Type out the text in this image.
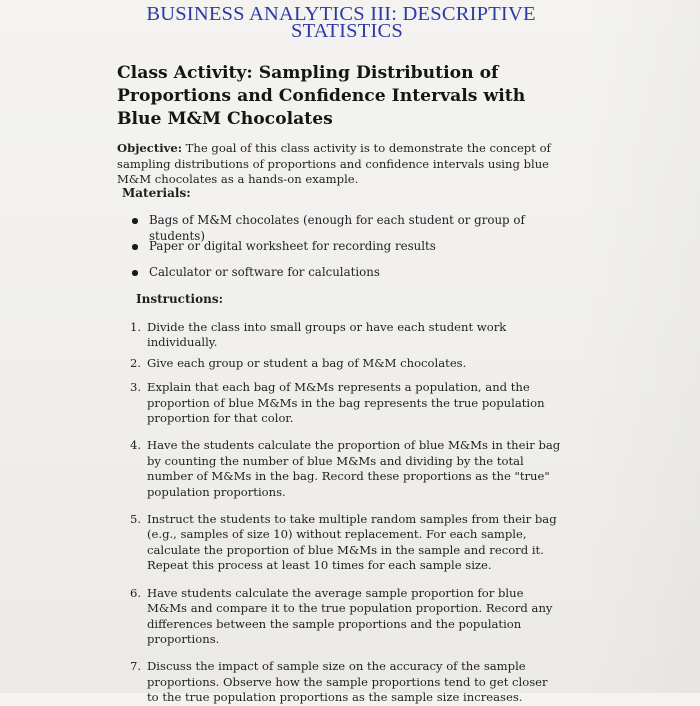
BUSINESS ANALYTICS III: DESCRIPTIVE
STATISTICS
Class Activity: Sampling Distribution of Proportions and Confidence Intervals with Blue M&M Chocolates
Objective: The goal of this class activity is to demonstrate the concept of sampling distributions of proportions and confidence intervals using blue M&M chocolates as a hands-on example.
Materials:
Bags of M&M chocolates (enough for each student or group of students)
Paper or digital worksheet for recording results
Calculator or software for calculations
Instructions:
1. Divide the class into small groups or have each student work individually.
2. Give each group or student a bag of M&M chocolates.
3. Explain that each bag of M&Ms represents a population, and the proportion of blue M&Ms in the bag represents the true population proportion for that color.
4. Have the students calculate the proportion of blue M&Ms in their bag by counting the number of blue M&Ms and dividing by the total number of M&Ms in the bag. Record these proportions as the "true" population proportions.
5. Instruct the students to take multiple random samples from their bag (e.g., samples of size 10) without replacement. For each sample, calculate the proportion of blue M&Ms in the sample and record it. Repeat this process at least 10 times for each sample size.
6. Have students calculate the average sample proportion for blue M&Ms and compare it to the true population proportion. Record any differences between the sample proportions and the population proportions.
7. Discuss the impact of sample size on the accuracy of the sample proportions. Observe how the sample proportions tend to get closer to the true population proportions as the sample size increases.
